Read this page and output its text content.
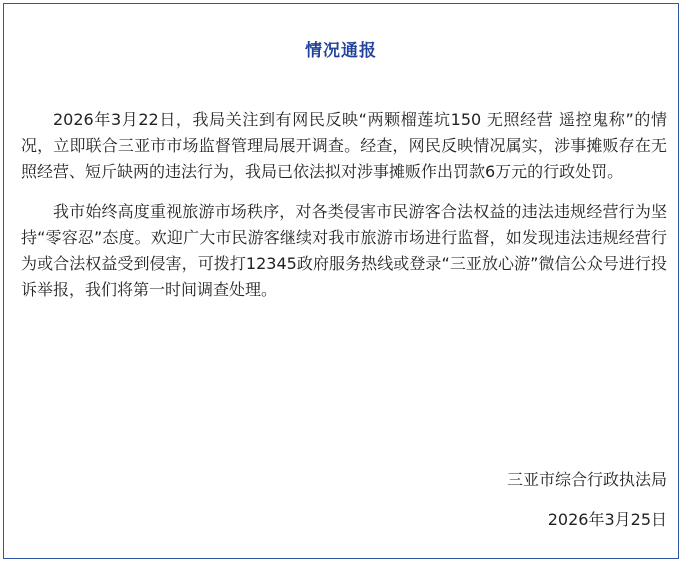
情况通报

2026年3月22日，我局关注到有网民反映“两颗榴莲坑150 无照经营 遥控鬼称”的情况，立即联合三亚市市场监督管理局展开调查。经查，网民反映情况属实，涉事摊贩存在无照经营、短斤缺两的违法行为，我局已依法拟对涉事摊贩作出罚款6万元的行政处罚。

我市始终高度重视旅游市场秩序，对各类侵害市民游客合法权益的违法违规经营行为坚持“零容忍”态度。欢迎广大市民游客继续对我市旅游市场进行监督，如发现违法违规经营行为或合法权益受到侵害，可拨打12345政府服务热线或登录“三亚放心游”微信公众号进行投诉举报，我们将第一时间调查处理。

三亚市综合行政执法局
2026年3月25日
